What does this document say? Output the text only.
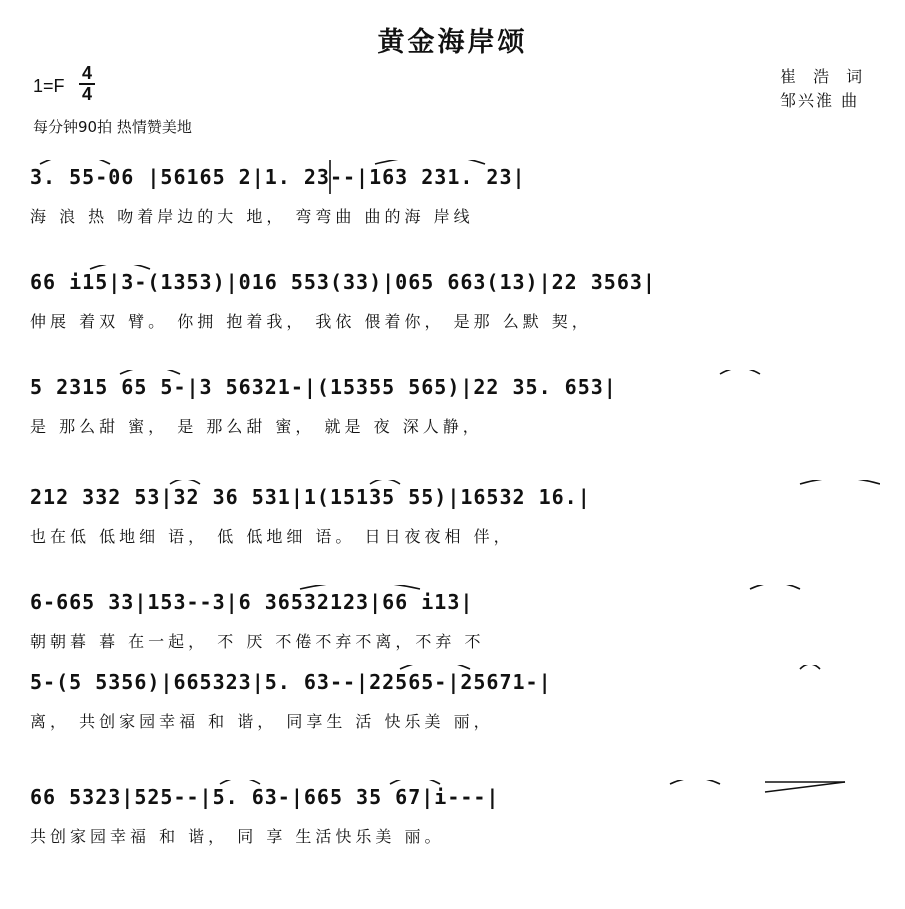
黄金海岸颂
1=F
4
4
每分钟90拍 热情赞美地
崔 浩 词
邹兴淮 曲
3. 55-06 |56165 2|1. 23--|163 231. 23|
海 浪 热 吻着岸边的大 地， 弯弯曲 曲的海 岸线
66 i15|3-(1353)|016 553(33)|065 663(13)|22 3563|
伸展 着双 臂。 你拥 抱着我， 我依 偎着你， 是那 么默 契，
5 2315 65 5-|3 56321-|(15355 565)|22 35. 653|
是 那么甜 蜜， 是 那么甜 蜜， 就是 夜 深人静，
212 332 53|32 36 531|1(15135 55)|16532 16.|
也在低 低地细 语， 低 低地细 语。 日日夜夜相 伴，
6-665 33|153--3|6 36532123|66 i13|
朝朝暮 暮 在一起， 不 厌 不倦不弃不离，不弃 不
5-(5 5356)|665323|5. 63--|22565-|25671-|
离， 共创家园幸福 和 谐， 同享生 活 快乐美 丽，
66 5323|525--|5. 63-|665 35 67|i---|
共创家园幸福 和 谐， 同 享 生活快乐美 丽。
